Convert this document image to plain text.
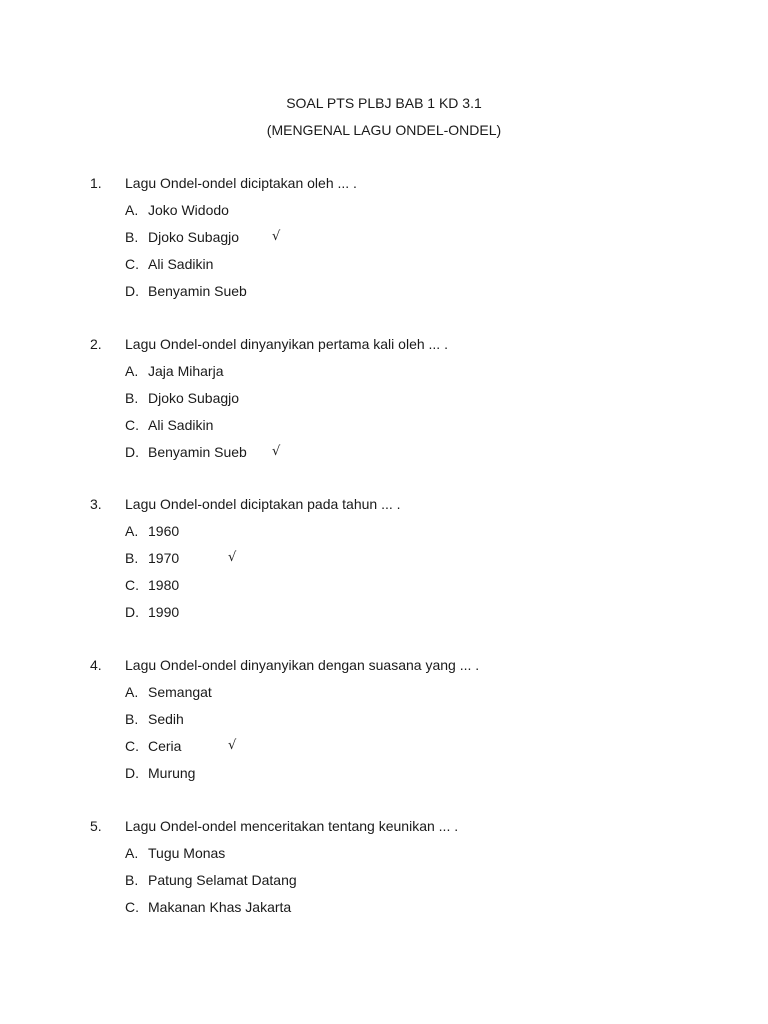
SOAL PTS PLBJ BAB 1 KD 3.1
(MENGENAL LAGU ONDEL-ONDEL)
1. Lagu Ondel-ondel diciptakan oleh ... .
A. Joko Widodo
B. Djoko Subagjo	√
C. Ali Sadikin
D. Benyamin Sueb
2. Lagu Ondel-ondel dinyanyikan pertama kali oleh ... .
A. Jaja Miharja
B. Djoko Subagjo
C. Ali Sadikin
D. Benyamin Sueb √
3. Lagu Ondel-ondel diciptakan pada tahun ... .
A. 1960
B. 1970	√
C. 1980
D. 1990
4. Lagu Ondel-ondel dinyanyikan dengan suasana yang ... .
A. Semangat
B. Sedih
C. Ceria	√
D. Murung
5. Lagu Ondel-ondel menceritakan tentang keunikan ... .
A. Tugu Monas
B. Patung Selamat Datang
C. Makanan Khas Jakarta
